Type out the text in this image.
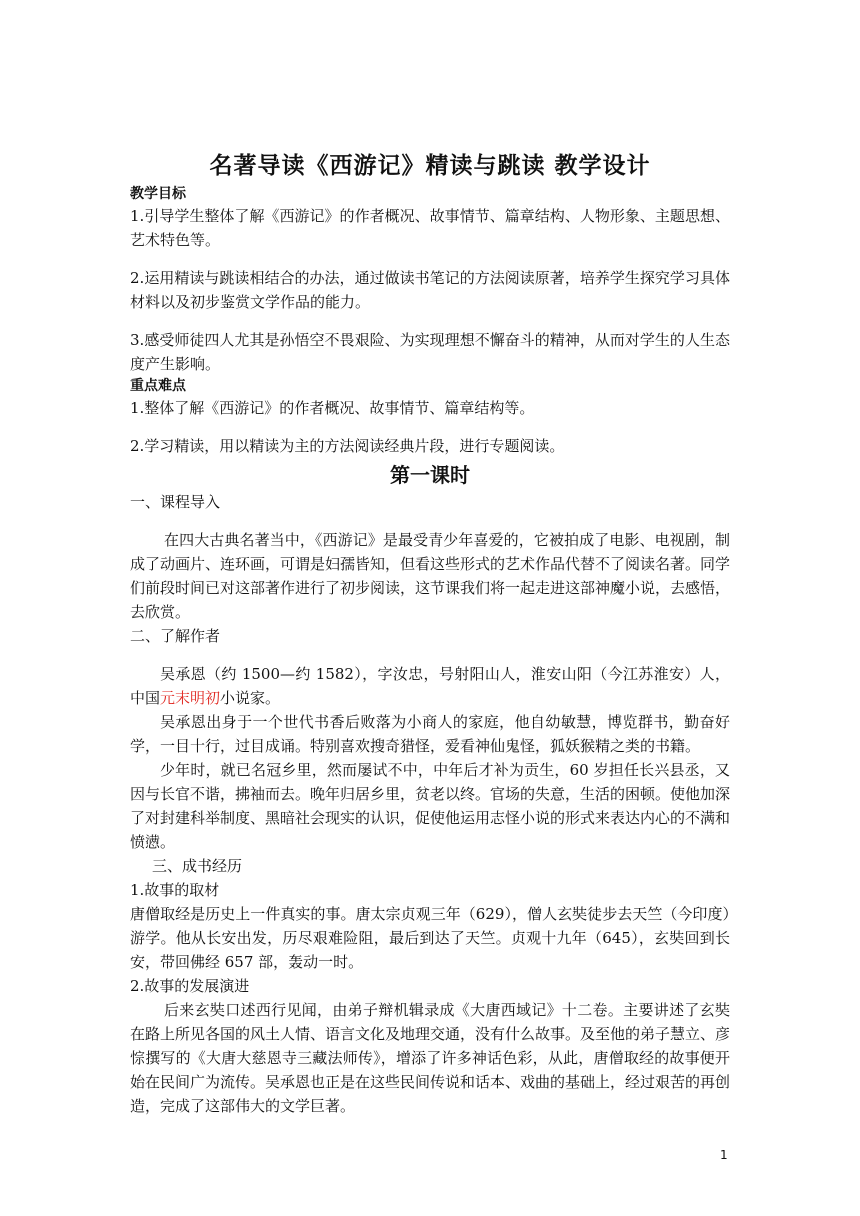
名著导读《西游记》精读与跳读 教学设计
教学目标

1.引导学生整体了解《西游记》的作者概况、故事情节、篇章结构、人物形象、主题思想、艺术特色等。

2.运用精读与跳读相结合的办法，通过做读书笔记的方法阅读原著，培养学生探究学习具体材料以及初步鉴赏文学作品的能力。

3.感受师徒四人尤其是孙悟空不畏艰险、为实现理想不懈奋斗的精神，从而对学生的人生态度产生影响。

重点难点

1.整体了解《西游记》的作者概况、故事情节、篇章结构等。

2.学习精读，用以精读为主的方法阅读经典片段，进行专题阅读。

第一课时

一、课程导入

在四大古典名著当中，《西游记》是最受青少年喜爱的，它被拍成了电影、电视剧，制成了动画片、连环画，可谓是妇孺皆知，但看这些形式的艺术作品代替不了阅读名著。同学们前段时间已对这部著作进行了初步阅读，这节课我们将一起走进这部神魔小说，去感悟，去欣赏。

二、了解作者

吴承恩（约 1500—约 1582），字汝忠，号射阳山人，淮安山阳（今江苏淮安）人，中国元末明初小说家。

吴承恩出身于一个世代书香后败落为小商人的家庭，他自幼敏慧，博览群书，勤奋好学，一目十行，过目成诵。特别喜欢搜奇猎怪，爱看神仙鬼怪，狐妖猴精之类的书籍。

少年时，就已名冠乡里，然而屡试不中，中年后才补为贡生，60 岁担任长兴县丞，又因与长官不谐，拂袖而去。晚年归居乡里，贫老以终。官场的失意，生活的困顿。使他加深了对封建科举制度、黑暗社会现实的认识，促使他运用志怪小说的形式来表达内心的不满和愤懑。

三、成书经历

1.故事的取材

唐僧取经是历史上一件真实的事。唐太宗贞观三年（629），僧人玄奘徒步去天竺（今印度）游学。他从长安出发，历尽艰难险阻，最后到达了天竺。贞观十九年（645），玄奘回到长安，带回佛经 657 部，轰动一时。

2.故事的发展演进

后来玄奘口述西行见闻，由弟子辩机辑录成《大唐西域记》十二卷。主要讲述了玄奘在路上所见各国的风土人情、语言文化及地理交通，没有什么故事。及至他的弟子慧立、彦悰撰写的《大唐大慈恩寺三藏法师传》，增添了许多神话色彩，从此，唐僧取经的故事便开始在民间广为流传。吴承恩也正是在这些民间传说和话本、戏曲的基础上，经过艰苦的再创造，完成了这部伟大的文学巨著。

1
